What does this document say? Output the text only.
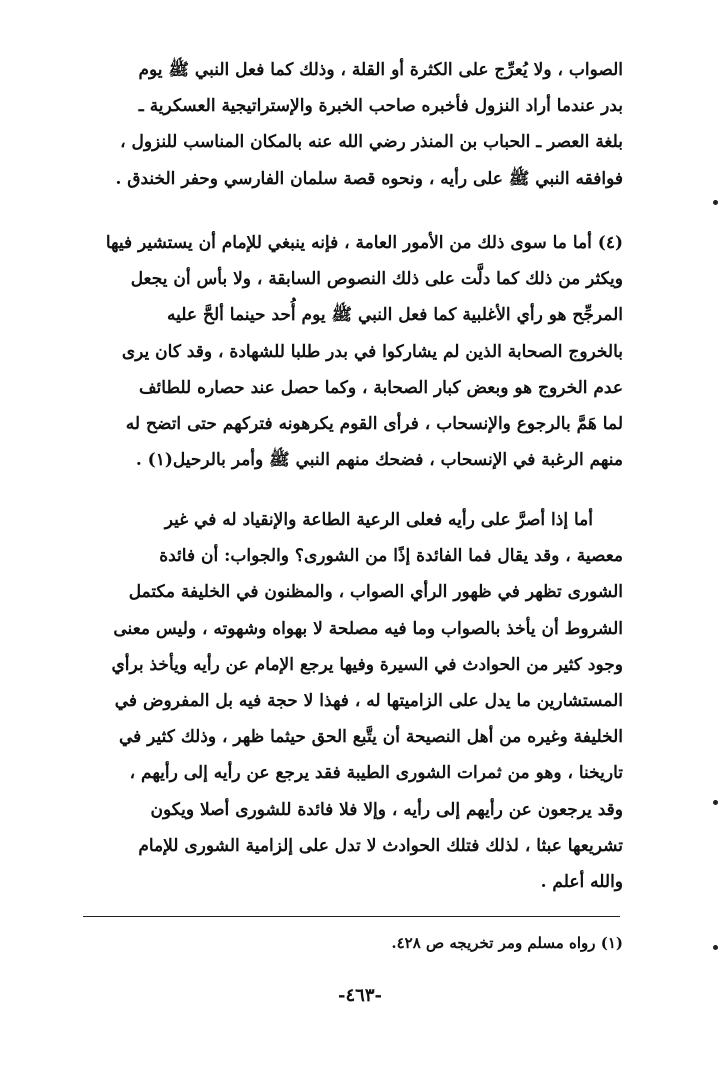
الصواب ، ولا يُعرِّج على الكثرة أو القلة ، وذلك كما فعل النبي ﷺ يوم
بدر عندما أراد النزول فأخبره صاحب الخبرة والإستراتيجية العسكرية ـ
بلغة العصر ـ الحباب بن المنذر رضي الله عنه بالمكان المناسب للنزول ،
فوافقه النبي ﷺ على رأيه ، ونحوه قصة سلمان الفارسي وحفر الخندق .
(٤) أما ما سوى ذلك من الأمور العامة ، فإنه ينبغي للإمام أن يستشير فيها
ويكثر من ذلك كما دلَّت على ذلك النصوص السابقة ، ولا بأس أن يجعل
المرجِّح هو رأي الأغلبية كما فعل النبي ﷺ يوم أُحد حينما ألحَّ عليه
بالخروج الصحابة الذين لم يشاركوا في بدر طلبا للشهادة ، وقد كان يرى
عدم الخروج هو وبعض كبار الصحابة ، وكما حصل عند حصاره للطائف
لما هَمَّ بالرجوع والإنسحاب ، فرأى القوم يكرهونه فتركهم حتى اتضح له
منهم الرغبة في الإنسحاب ، فضحك منهم النبي ﷺ وأمر بالرحيل(١) .
أما إذا أصرَّ على رأيه فعلى الرعية الطاعة والإنقياد له في غير
معصية ، وقد يقال فما الفائدة إذًا من الشورى؟ والجواب: أن فائدة
الشورى تظهر في ظهور الرأي الصواب ، والمظنون في الخليفة مكتمل
الشروط أن يأخذ بالصواب وما فيه مصلحة لا بهواه وشهوته ، وليس معنى
وجود كثير من الحوادث في السيرة وفيها يرجع الإمام عن رأيه ويأخذ برأي
المستشارين ما يدل على الزاميتها له ، فهذا لا حجة فيه بل المفروض في
الخليفة وغيره من أهل النصيحة أن يتَّبع الحق حيثما ظهر ، وذلك كثير في
تاريخنا ، وهو من ثمرات الشورى الطيبة فقد يرجع عن رأيه إلى رأيهم ،
وقد يرجعون عن رأيهم إلى رأيه ، وإلا فلا فائدة للشورى أصلا ويكون
تشريعها عبثا ، لذلك فتلك الحوادث لا تدل على إلزامية الشورى للإمام
والله أعلم .
(١) رواه مسلم ومر تخريجه ص ٤٢٨.
-٤٦٣-
